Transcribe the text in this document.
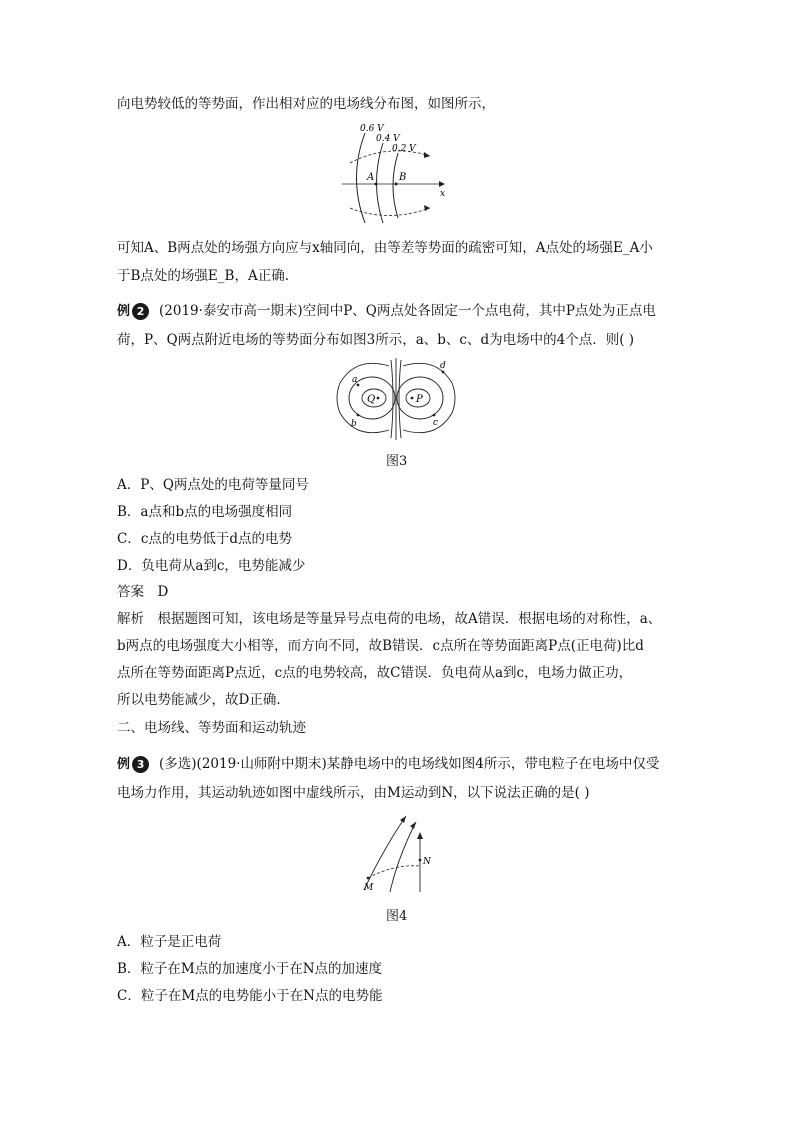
向电势较低的等势面，作出相对应的电场线分布图，如图所示，
0.6 V
0.4 V
0.2 V
x
A B
可知A、B两点处的场强方向应与x轴同向，由等差等势面的疏密可知，A点处的场强E_A小
于B点处的场强E_B，A正确.
例 2 (2019·泰安市高一期末)空间中P、Q两点处各固定一个点电荷，其中P点处为正点电
荷，P、Q两点附近电场的等势面分布如图3所示，a、b、c、d为电场中的4个点．则( )
Q	P
a
b	c
d
图3
A．P、Q两点处的电荷等量同号
B．a点和b点的电场强度相同
C．c点的电势低于d点的电势
D．负电荷从a到c，电势能减少
答案　D
解析　根据题图可知，该电场是等量异号点电荷的电场，故A错误．根据电场的对称性，a、
b两点的电场强度大小相等，而方向不同，故B错误．c点所在等势面距离P点(正电荷)比d
点所在等势面距离P点近，c点的电势较高，故C错误．负电荷从a到c，电场力做正功，
所以电势能减少，故D正确．
二、电场线、等势面和运动轨迹
例 3 (多选)(2019·山师附中期末)某静电场中的电场线如图4所示，带电粒子在电场中仅受
电场力作用，其运动轨迹如图中虚线所示，由M运动到N，以下说法正确的是( )
M
N
图4
A．粒子是正电荷
B．粒子在M点的加速度小于在N点的加速度
C．粒子在M点的电势能小于在N点的电势能
